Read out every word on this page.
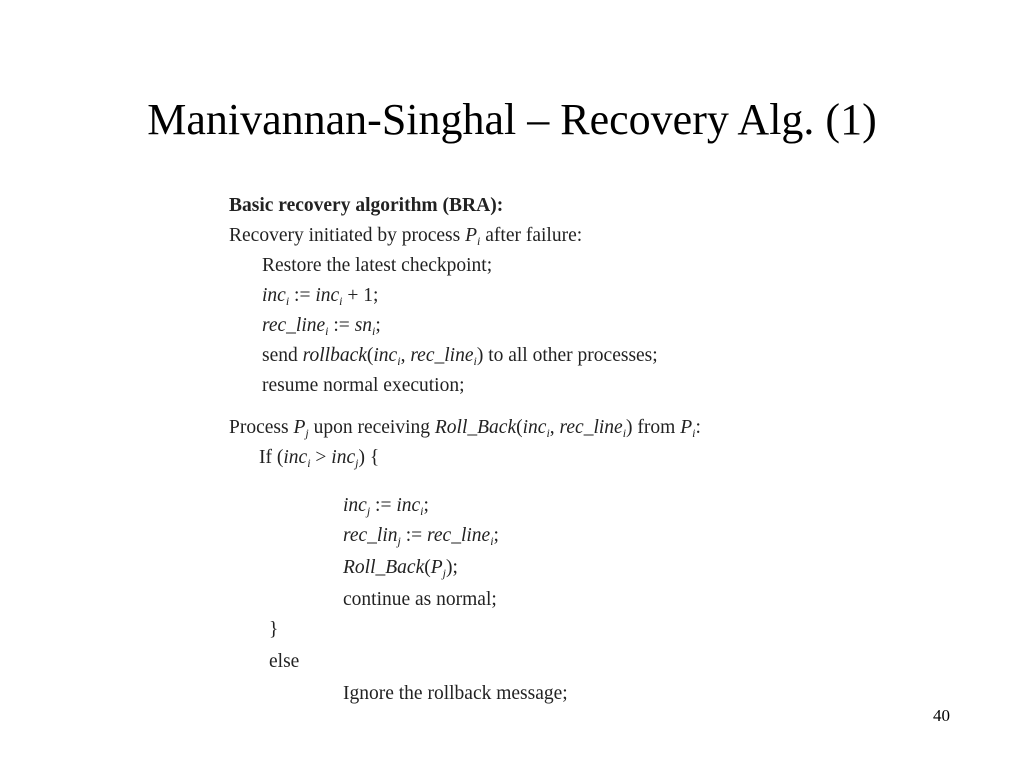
Manivannan-Singhal – Recovery Alg. (1)
Basic recovery algorithm (BRA):
Recovery initiated by process $P_i$ after failure:
Restore the latest checkpoint;
inc$_i$ := inc$_i$ + 1;
rec_line$_i$ := $sn_i$;
send rollback(inc$_i$, rec_line$_i$) to all other processes;
resume normal execution;
Process $P_j$ upon receiving Roll_Back(inc$_i$, rec_line$_i$) from $P_i$:
If (inc$_i$ > inc$_j$) {
inc$_j$ := inc$_i$;
rec_lin$_j$ := rec_line$_i$;
$Roll\_Back(P_j)$;
continue as normal;
}
else
Ignore the rollback message;
40
